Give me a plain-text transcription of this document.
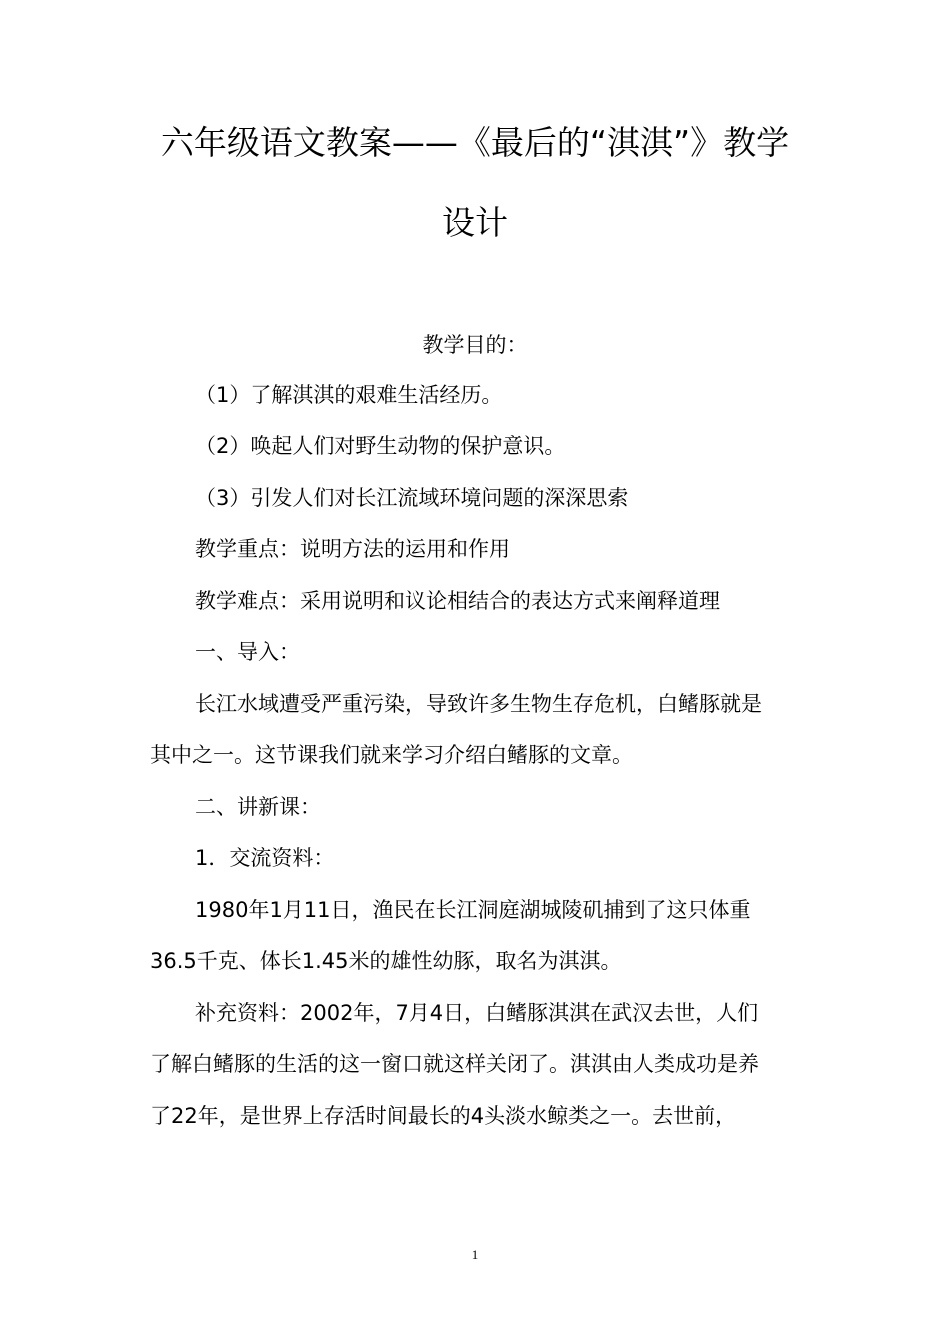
六年级语文教案——《最后的“淇淇”》教学
设计
教学目的：
（1）了解淇淇的艰难生活经历。
（2）唤起人们对野生动物的保护意识。
（3）引发人们对长江流域环境问题的深深思索
教学重点：说明方法的运用和作用
教学难点：采用说明和议论相结合的表达方式来阐释道理
一、导入：
长江水域遭受严重污染，导致许多生物生存危机，白鳍豚就是
其中之一。这节课我们就来学习介绍白鳍豚的文章。
二、讲新课：
1．交流资料：
1980年1月11日，渔民在长江洞庭湖城陵矶捕到了这只体重
36.5千克、体长1.45米的雄性幼豚，取名为淇淇。
补充资料：2002年，7月4日，白鳍豚淇淇在武汉去世，人们
了解白鳍豚的生活的这一窗口就这样关闭了。淇淇由人类成功是养
了22年，是世界上存活时间最长的4头淡水鲸类之一。去世前，
1
